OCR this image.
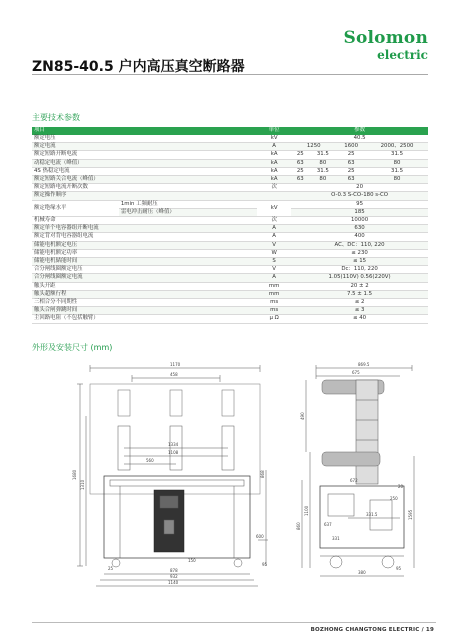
Solomon
electric
ZN85-40.5 户内高压真空断路器
主要技术参数
项目		单位	参数			
额定电压		kV	40.5			
额定电流		A	1250		1600	2000、2500
额定短路开断电流		kA	25	31.5	25	31.5
动稳定电流（峰值）		kA	63	80	63	80
4S 热稳定电流		kA	25	31.5	25	31.5
额定短路关合电流（峰值）		kA	63	80	63	80
额定短路电流开断次数		次	20			
额定操作顺序			O-0.3 S-CO-180 s-CO			
额定绝缘水平	1min 工频耐压	kV	95			
	雷电冲击耐压（峰值）		185			
机械寿命		次	10000			
额定单个电容器组开断电流		A	630			
额定背对背电容器组电流		A	400			
储能电机额定电压		V	AC、DC：110, 220			
储能电机额定功率		W	≤ 230			
储能电机储能时间		S	≤ 15			
合分闸线圈额定电压		V	Dc：110, 220			
合分闸线圈额定电流		A	1.05(110V) 0.56(220V)			
触头开距		mm	20 ± 2			
触头超额行程		mm	7.5 ± 1.5			
三相合分不同期性		ms	≤ 2			
触头合闸弹跳时间		ms	≤ 3			
主回路电阻（不包括触臂）		μ Ω	≤ 40			
外形及安装尺寸 (mm)
1170
458
1334
1108
560
1680
1310
868
600
150
25	878
932
1140
95
869.5
675
490
672
1100
860
331
637
331.5
250
380
1595
20
95
BOZHONG CHANGTONG ELECTRIC / 19
